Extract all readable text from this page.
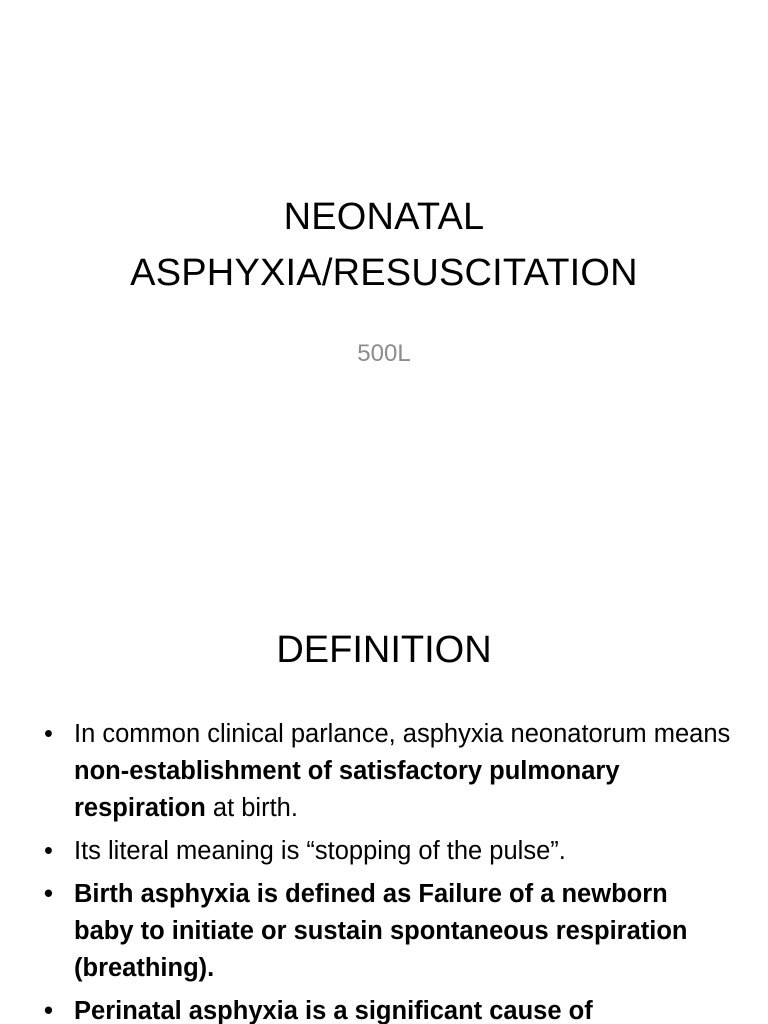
NEONATAL
ASPHYXIA/RESUSCITATION
500L
DEFINITION
• In common clinical parlance, asphyxia neonatorum means non-establishment of satisfactory pulmonary respiration at birth.
• Its literal meaning is “stopping of the pulse”.
• Birth asphyxia is defined as Failure of a newborn baby to initiate or sustain spontaneous respiration (breathing).
• Perinatal asphyxia is a significant cause of
